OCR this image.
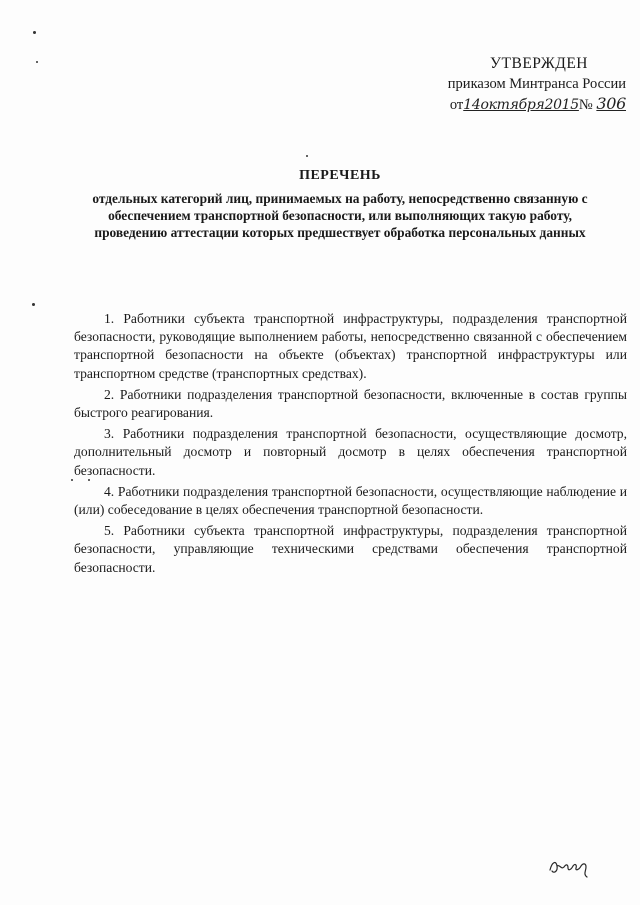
УТВЕРЖДЕН
приказом Минтранса России
от14октября2015№ 306
ПЕРЕЧЕНЬ
отдельных категорий лиц, принимаемых на работу, непосредственно связанную с обеспечением транспортной безопасности, или выполняющих такую работу, проведению аттестации которых предшествует обработка персональных данных

1. Работники субъекта транспортной инфраструктуры, подразделения транспортной безопасности, руководящие выполнением работы, непосредственно связанной с обеспечением транспортной безопасности на объекте (объектах) транспортной инфраструктуры или транспортном средстве (транспортных средствах).

2. Работники подразделения транспортной безопасности, включенные в состав группы быстрого реагирования.

3. Работники подразделения транспортной безопасности, осуществляющие досмотр, дополнительный досмотр и повторный досмотр в целях обеспечения транспортной безопасности.

4. Работники подразделения транспортной безопасности, осуществляющие наблюдение и (или) собеседование в целях обеспечения транспортной безопасности.

5. Работники субъекта транспортной инфраструктуры, подразделения транспортной безопасности, управляющие техническими средствами обеспечения транспортной безопасности.
